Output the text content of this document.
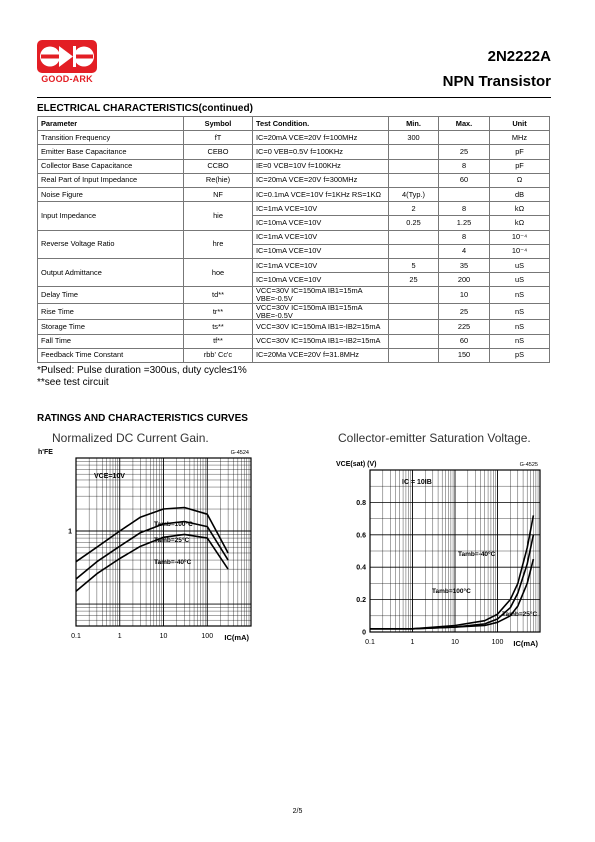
GOOD-ARK
2N2222A
NPN Transistor
ELECTRICAL CHARACTERISTICS(continued)
Parameter	Symbol	Test Condition.	Min.	Max.	Unit
Transition Frequency	fT	IC=20mA VCE=20V f=100MHz	300		MHz
Emitter Base Capacitance	CEBO	IC=0 VEB=0.5V f=100KHz		25	pF
Collector Base Capacitance	CCBO	IE=0 VCB=10V f=100KHz		8	pF
Real Part of Input Impedance	Re(hie)	IC=20mA VCE=20V f=300MHz		60	Ω
Noise Figure	NF	IC=0.1mA VCE=10V f=1KHz RS=1KΩ	4(Typ.)		dB
Input Impedance	hie	IC=1mA VCE=10V	2	8	kΩ
		IC=10mA VCE=10V	0.25	1.25	kΩ
Reverse Voltage Ratio	hre	IC=1mA VCE=10V		8	10⁻⁴
		IC=10mA VCE=10V		4	10⁻⁴
Output Admittance	hoe	IC=1mA VCE=10V	5	35	uS
		IC=10mA VCE=10V	25	200	uS
Delay Time	td**	VCC=30V IC=150mA IB1=15mA VBE=-0.5V		10	nS
Rise Time	tr**	VCC=30V IC=150mA IB1=15mA VBE=-0.5V		25	nS
Storage Time	ts**	VCC=30V IC=150mA IB1=-IB2=15mA		225	nS
Fall Time	tf**	VCC=30V IC=150mA IB1=-IB2=15mA		60	nS
Feedback Time Constant	rbb' Cc'c	IC=20Ma VCE=20V f=31.8MHz		150	pS
*Pulsed: Pulse duration =300us, duty cycle≤1%
**see test circuit
RATINGS AND CHARACTERISTICS CURVES
Normalized DC Current Gain.	Collector-emitter Saturation Voltage.
0.1	1	10	100
1
IC(mA)
h'FE	G-4524
VCE=10V
Tamb=100°C
Tamb=25°C
Tamb=-40°C
0.1	1	10	100
0
0.2
0.4
0.6
0.8
IC(mA)
VCE(sat) (V)	G-4525
IC = 10IB
Tamb=-40°C
Tamb=100°C
Tamb=25°C
2/5
